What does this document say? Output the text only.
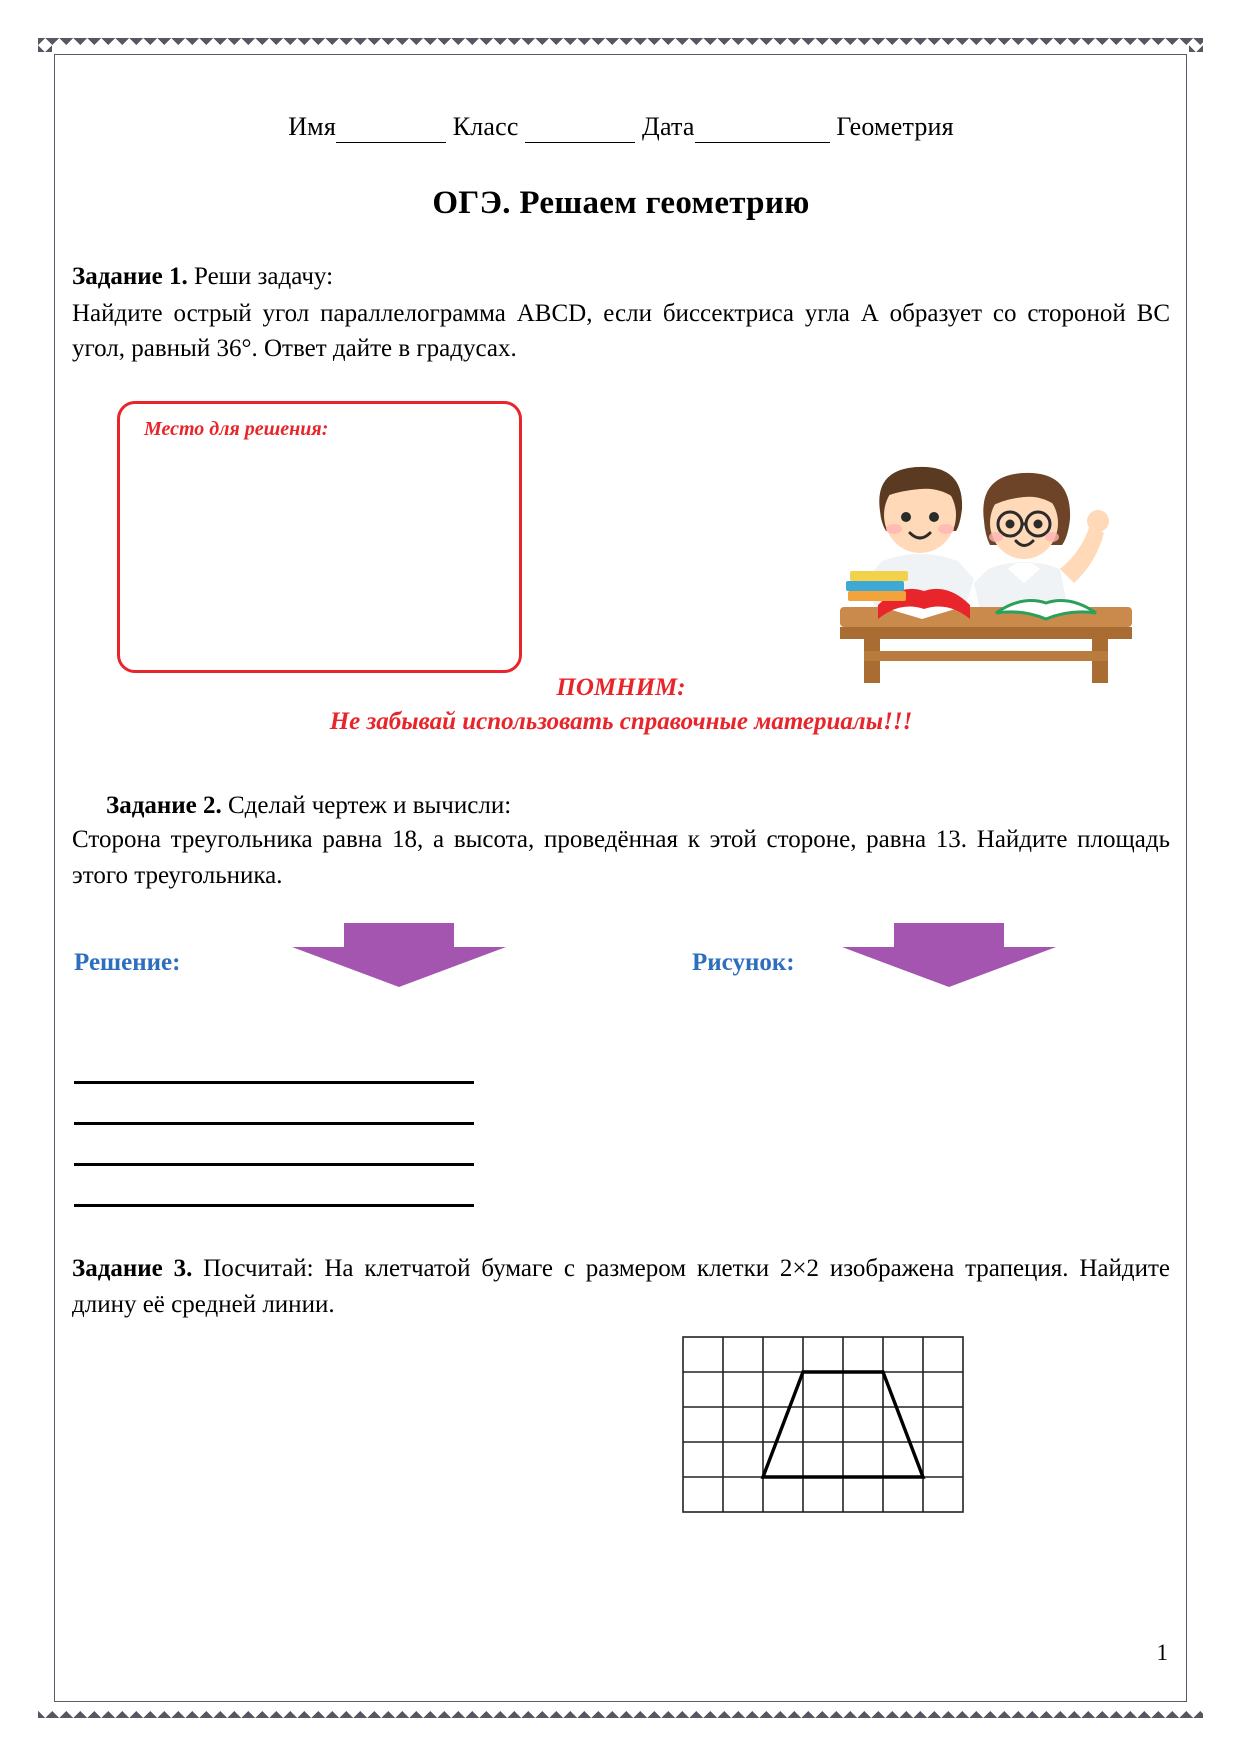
Имя	Класс	Дата	Геометрия
ОГЭ. Решаем геометрию
Задание 1. Реши задачу:
Найдите острый угол параллелограмма ABCD, если биссектриса угла А образует со стороной ВС угол, равный 36°. Ответ дайте в градусах.
Место для решения:
ПОМНИМ:
Не забывай использовать справочные материалы!!!
Задание 2. Сделай чертеж и вычисли:
Сторона треугольника равна 18, а высота, проведённая к этой стороне, равна 13. Найдите площадь этого треугольника.
Решение:	Рисунок:
Задание 3. Посчитай: На клетчатой бумаге с размером клетки 2×2 изображена трапеция. Найдите длину её средней линии.
1
